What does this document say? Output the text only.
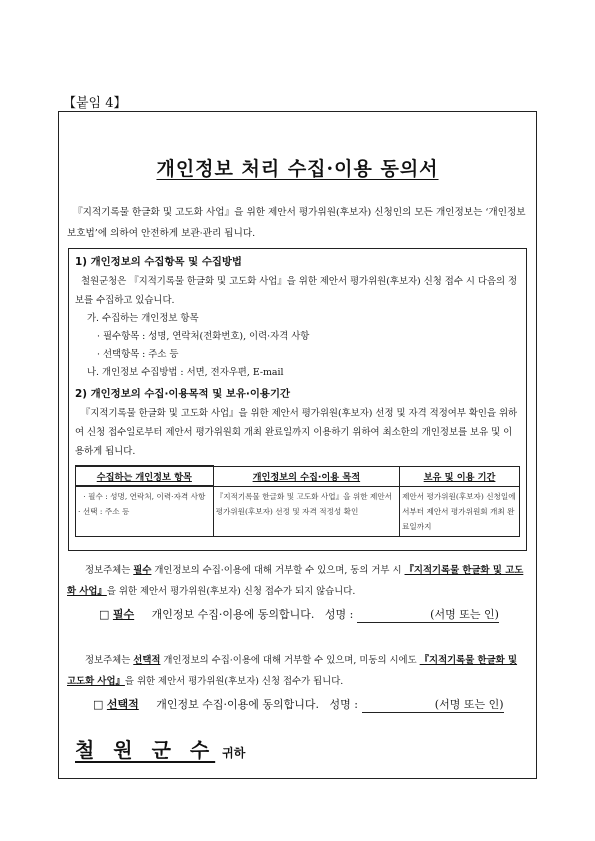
【붙임 4】
개인정보 처리 수집·이용 동의서
『지적기록물 한글화 및 고도화 사업』을 위한 제안서 평가위원(후보자) 신청인의 모든 개인정보는 ‘개인정보 보호법’에 의하여 안전하게 보관·관리 됩니다.
1) 개인정보의 수집항목 및 수집방법
철원군청은 『지적기록물 한글화 및 고도화 사업』을 위한 제안서 평가위원(후보자) 신청 접수 시 다음의 정보를 수집하고 있습니다.
가. 수집하는 개인정보 항목
· 필수항목 : 성명, 연락처(전화번호), 이력·자격 사항
· 선택항목 : 주소 등
나. 개인정보 수집방법 : 서면, 전자우편, E-mail
2) 개인정보의 수집·이용목적 및 보유·이용기간
『지적기록물 한글화 및 고도화 사업』을 위한 제안서 평가위원(후보자) 선정 및 자격 적정여부 확인을 위하여 신청 접수일로부터 제안서 평가위원회 개최 완료일까지 이용하기 위하여 최소한의 개인정보를 보유 및 이용하게 됩니다.
수집하는 개인정보 항목	개인정보의 수집·이용 목적	보유 및 이용 기간

· 필수 : 성명, 연락처, 이력·자격 사항
· 선택 : 주소 등	『지적기록물 한글화 및 고도화 사업』을 위한 제안서 평가위원(후보자) 선정 및 자격 적정성 확인	제안서 평가위원(후보자) 신청일에서부터 제안서 평가위원회 개최 완료일까지
정보주체는 필수 개인정보의 수집·이용에 대해 거부할 수 있으며, 동의 거부 시 『지적기록물 한글화 및 고도화 사업』을 위한 제안서 평가위원(후보자) 신청 접수가 되지 않습니다.
□ 필수 개인정보 수집·이용에 동의합니다. 성명 :	(서명 또는 인)
정보주체는 선택적 개인정보의 수집·이용에 대해 거부할 수 있으며, 미동의 시에도 『지적기록물 한글화 및 고도화 사업』을 위한 제안서 평가위원(후보자) 신청 접수가 됩니다.
□ 선택적 개인정보 수집·이용에 동의합니다. 성명 :	(서명 또는 인)
철 원 군 수 귀하
